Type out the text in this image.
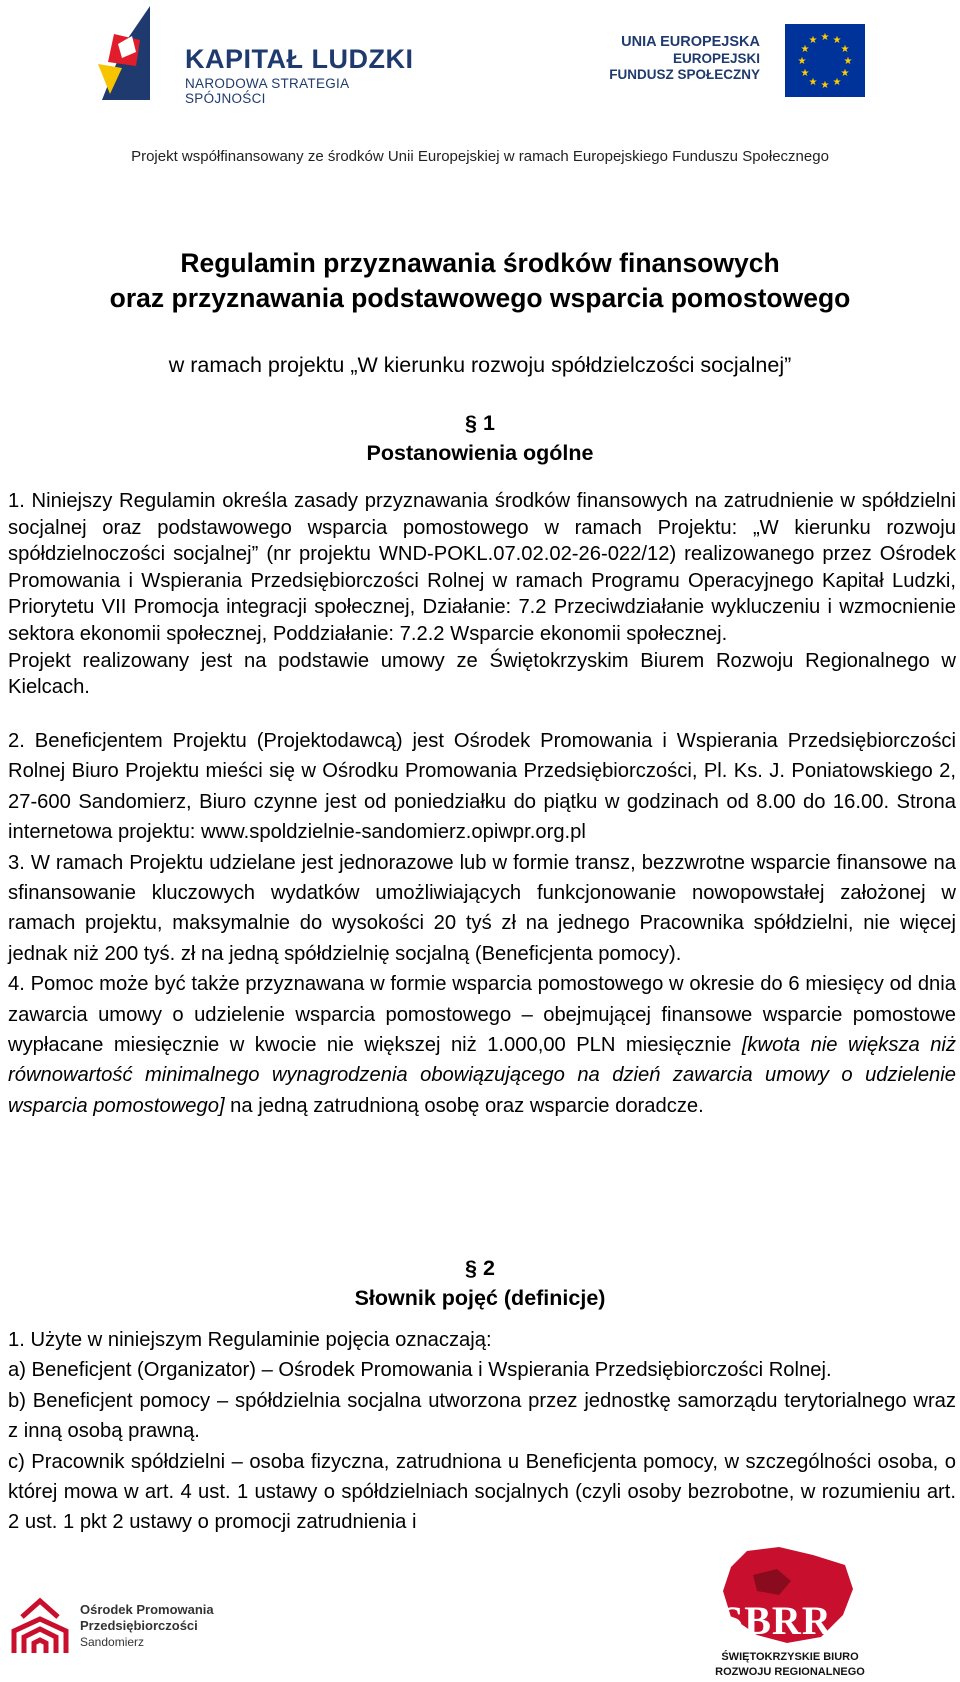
KAPITAŁ LUDZKI
NARODOWA STRATEGIA SPÓJNOŚCI
UNIA EUROPEJSKA
EUROPEJSKI
FUNDUSZ SPOŁECZNY
★ ★
★
★
★
★
★
★
★
★
★
★
Projekt współfinansowany ze środków Unii Europejskiej w ramach Europejskiego Funduszu Społecznego
Regulamin przyznawania środków finansowych
oraz przyznawania podstawowego wsparcia pomostowego
w ramach projektu „W kierunku rozwoju spółdzielczości socjalnej”
§ 1
Postanowienia ogólne

1. Niniejszy Regulamin określa zasady przyznawania środków finansowych na zatrudnienie w spółdzielni socjalnej oraz podstawowego wsparcia pomostowego w ramach Projektu: „W kierunku rozwoju spółdzielnoczości socjalnej” (nr projektu WND-POKL.07.02.02-26-022/12) realizowanego przez Ośrodek Promowania i Wspierania Przedsiębiorczości Rolnej w ramach Programu Operacyjnego Kapitał Ludzki, Priorytetu VII Promocja integracji społecznej, Działanie: 7.2 Przeciwdziałanie wykluczeniu i wzmocnienie sektora ekonomii społecznej, Poddziałanie: 7.2.2 Wsparcie ekonomii społecznej.

Projekt realizowany jest na podstawie umowy ze Świętokrzyskim Biurem Rozwoju Regionalnego w Kielcach.

2. Beneficjentem Projektu (Projektodawcą) jest Ośrodek Promowania i Wspierania Przedsiębiorczości Rolnej Biuro Projektu mieści się w Ośrodku Promowania Przedsiębiorczości, Pl. Ks. J. Poniatowskiego 2, 27-600 Sandomierz, Biuro czynne jest od poniedziałku do piątku w godzinach od 8.00 do 16.00. Strona internetowa projektu: www.spoldzielnie-sandomierz.opiwpr.org.pl

3. W ramach Projektu udzielane jest jednorazowe lub w formie transz, bezzwrotne wsparcie finansowe na sfinansowanie kluczowych wydatków umożliwiających funkcjonowanie nowopowstałej założonej w ramach projektu, maksymalnie do wysokości 20 tyś zł na jednego Pracownika spółdzielni, nie więcej jednak niż 200 tyś. zł na jedną spółdzielnię socjalną (Beneficjenta pomocy).

4. Pomoc może być także przyznawana w formie wsparcia pomostowego w okresie do 6 miesięcy od dnia zawarcia umowy o udzielenie wsparcia pomostowego – obejmującej finansowe wsparcie pomostowe wypłacane miesięcznie w kwocie nie większej niż 1.000,00 PLN miesięcznie [kwota nie większa niż równowartość minimalnego wynagrodzenia obowiązującego na dzień zawarcia umowy o udzielenie wsparcia pomostowego] na jedną zatrudnioną osobę oraz wsparcie doradcze.

§ 2
Słownik pojęć (definicje)

1. Użyte w niniejszym Regulaminie pojęcia oznaczają:

a) Beneficjent (Organizator) – Ośrodek Promowania i Wspierania Przedsiębiorczości Rolnej.

b) Beneficjent pomocy – spółdzielnia socjalna utworzona przez jednostkę samorządu terytorialnego wraz z inną osobą prawną.

c) Pracownik spółdzielni – osoba fizyczna, zatrudniona u Beneficjenta pomocy, w szczególności osoba, o której mowa w art. 4 ust. 1 ustawy o spółdzielniach socjalnych (czyli osoby bezrobotne, w rozumieniu art. 2 ust. 1 pkt 2 ustawy o promocji zatrudnienia i

Ośrodek Promowania
Przedsiębiorczości
Sandomierz	SBRR
ŚWIĘTOKRZYSKIE BIURO
ROZWOJU REGIONALNEGO
